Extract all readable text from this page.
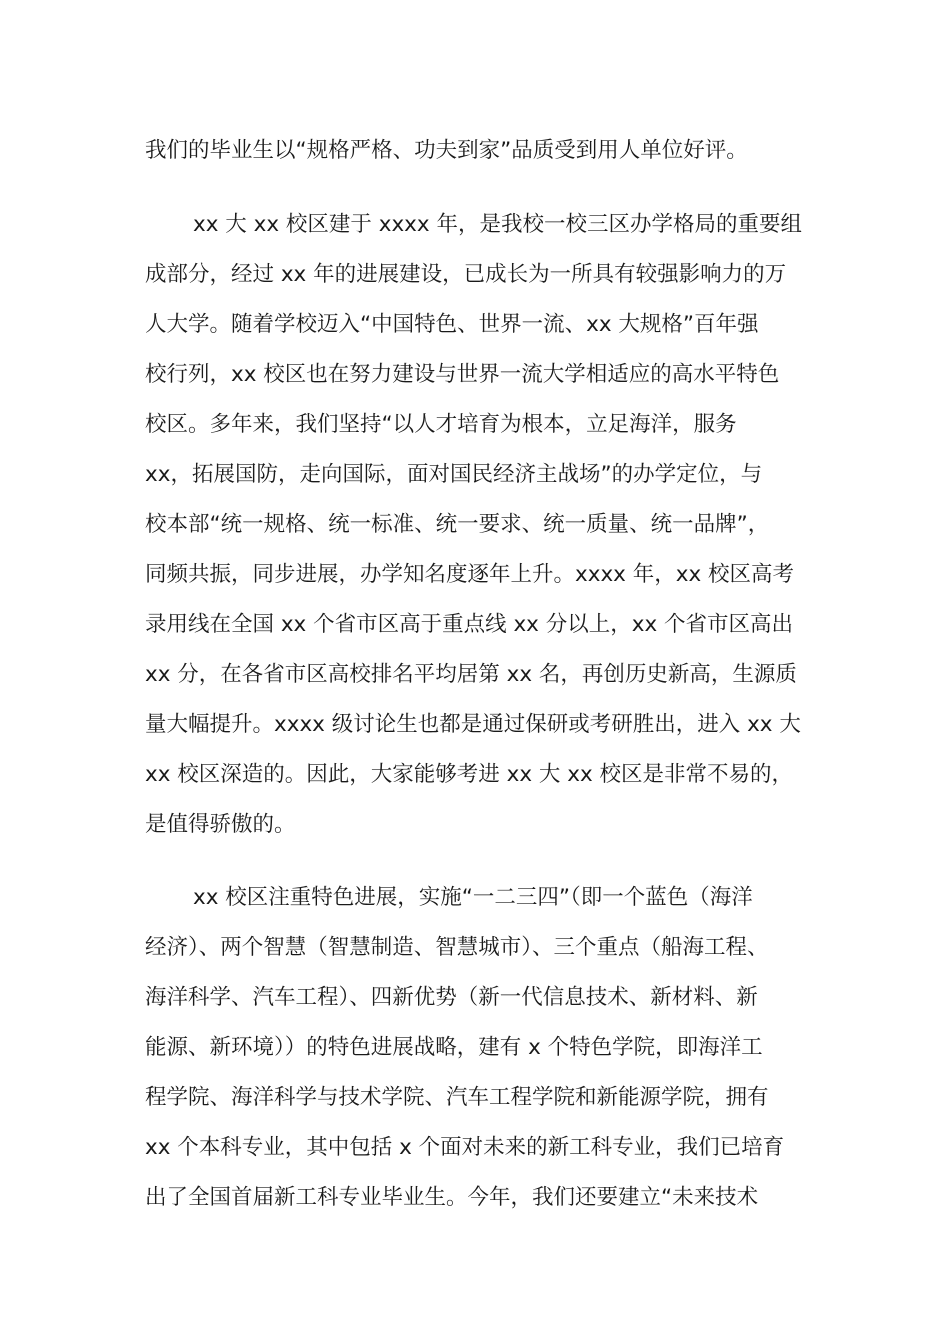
我们的毕业生以“规格严格、功夫到家”品质受到用人单位好评。
xx 大 xx 校区建于 xxxx 年，是我校一校三区办学格局的重要组
成部分，经过 xx 年的进展建设，已成长为一所具有较强影响力的万
人大学。随着学校迈入“中国特色、世界一流、xx 大规格”百年强
校行列，xx 校区也在努力建设与世界一流大学相适应的高水平特色
校区。多年来，我们坚持“以人才培育为根本，立足海洋，服务
xx，拓展国防，走向国际，面对国民经济主战场”的办学定位，与
校本部“统一规格、统一标准、统一要求、统一质量、统一品牌”，
同频共振，同步进展，办学知名度逐年上升。xxxx 年，xx 校区高考
录用线在全国 xx 个省市区高于重点线 xx 分以上，xx 个省市区高出
xx 分，在各省市区高校排名平均居第 xx 名，再创历史新高，生源质
量大幅提升。xxxx 级讨论生也都是通过保研或考研胜出，进入 xx 大
xx 校区深造的。因此，大家能够考进 xx 大 xx 校区是非常不易的，
是值得骄傲的。
xx 校区注重特色进展，实施“一二三四”（即一个蓝色（海洋
经济）、两个智慧（智慧制造、智慧城市）、三个重点（船海工程、
海洋科学、汽车工程）、四新优势（新一代信息技术、新材料、新
能源、新环境））的特色进展战略，建有 x 个特色学院，即海洋工
程学院、海洋科学与技术学院、汽车工程学院和新能源学院，拥有
xx 个本科专业，其中包括 x 个面对未来的新工科专业，我们已培育
出了全国首届新工科专业毕业生。今年，我们还要建立“未来技术
